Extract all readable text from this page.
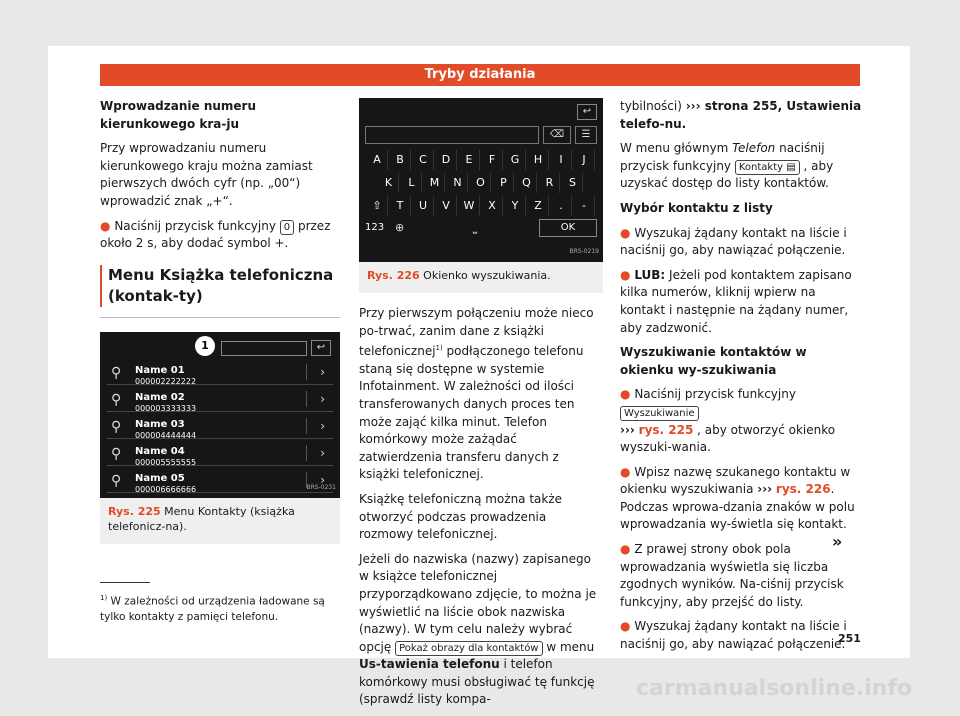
Tryby działania

Wprowadzanie numeru kierunkowego kra-ju

Przy wprowadzaniu numeru kierunkowego kraju można zamiast pierwszych dwóch cyfr (np. „00“) wprowadzić znak „+“.

● Naciśnij przycisk funkcyjny 0 przez około 2 s, aby dodać symbol +.

Menu Książka telefoniczna (kontak-ty)
1	↩
⚲ Name 01
000002222222
›
⚲ Name 02
000003333333
›
⚲ Name 03
000004444444
›
⚲ Name 04
000005555555
›
⚲ Name 05
000006666666
›
BRS-0231
Rys. 225 Menu Kontakty (książka telefonicz-na).
↩
⌫	☰
A	B	C	D	E	F	G	H	I	J
K	L	M	N	O	P	Q	R	S
⇧	T	U	V	W	X	Y	Z	.	-
123 ⊕	⎵	OK
BRS-0219
Rys. 226 Okienko wyszukiwania.

Przy pierwszym połączeniu może nieco po-trwać, zanim dane z książki telefonicznej$^{1)}$ podłączonego telefonu staną się dostępne w systemie Infotainment. W zależności od ilości transferowanych danych proces ten może zająć kilka minut. Telefon komórkowy może zażądać zatwierdzenia transferu danych z książki telefonicznej.

Książkę telefoniczną można także otworzyć podczas prowadzenia rozmowy telefonicznej.

Jeżeli do nazwiska (nazwy) zapisanego w książce telefonicznej przyporządkowano zdjęcie, to można je wyświetlić na liście obok nazwiska (nazwy). W tym celu należy wybrać opcję Pokaż obrazy dla kontaktów w menu Us-tawienia telefonu i telefon komórkowy musi obsługiwać tę funkcję (sprawdź listy kompa-

tybilności) ››› strona 255, Ustawienia telefo-nu.

W menu głównym Telefon naciśnij przycisk funkcyjny Kontakty ▤ , aby uzyskać dostęp do listy kontaktów.

Wybór kontaktu z listy

● Wyszukaj żądany kontakt na liście i naciśnij go, aby nawiązać połączenie.

● LUB: Jeżeli pod kontaktem zapisano kilka numerów, kliknij wpierw na kontakt i następnie na żądany numer, aby zadzwonić.

Wyszukiwanie kontaktów w okienku wy-szukiwania

● Naciśnij przycisk funkcyjny Wyszukiwanie
››› rys. 225 , aby otworzyć okienko wyszuki-wania.

● Wpisz nazwę szukanego kontaktu w okienku wyszukiwania ››› rys. 226. Podczas wprowa-dzania znaków w polu wprowadzania wy-świetla się kontakt.

● Z prawej strony obok pola wprowadzania wyświetla się liczba zgodnych wyników. Na-ciśnij przycisk funkcyjny, aby przejść do listy.

● Wyszukaj żądany kontakt na liście i naciśnij go, aby nawiązać połączenie.

»
$^{1)}$ W zależności od urządzenia ładowane są tylko kontakty z pamięci telefonu.
251
carmanualsonline.info
